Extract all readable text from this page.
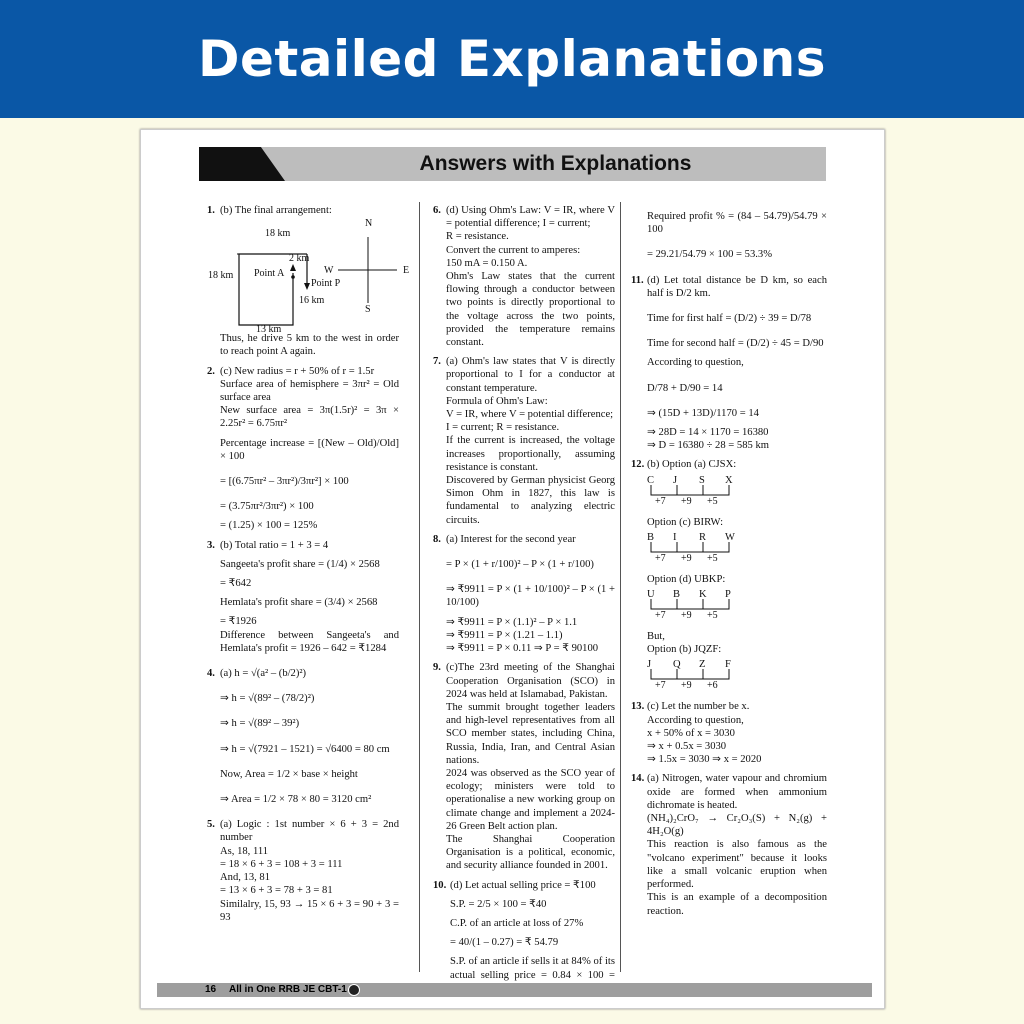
Detailed Explanations
Answers with Explanations
1. (b) The final arrangement:
18 km
18 km
13 km
16 km
2 km
Point A
Point P
N
S
W	E
Thus, he drive 5 km to the west in order to reach point A again.
2. (c) New radius = r + 50% of r = 1.5r
Surface area of hemisphere = 3πr² = Old surface area
New surface area = 3π(1.5r)² = 3π × 2.25r² = 6.75πr²
Percentage increase = [(New – Old)/Old] × 100
= [(6.75πr² – 3πr²)/3πr²] × 100
= (3.75πr²/3πr²) × 100
= (1.25) × 100 = 125%
3. (b) Total ratio = 1 + 3 = 4
Sangeeta's profit share = (1/4) × 2568
= ₹642
Hemlata's profit share = (3/4) × 2568
= ₹1926
Difference between Sangeeta's and Hemlata's profit = 1926 – 642 = ₹1284
4. (a) h = √(a² – (b/2)²)
⇒ h = √(89² – (78/2)²)
⇒ h = √(89² – 39²)
⇒ h = √(7921 – 1521) = √6400 = 80 cm
Now, Area = 1/2 × base × height
⇒ Area = 1/2 × 78 × 80 = 3120 cm²
5. (a) Logic : 1st number × 6 + 3 = 2nd number
As, 18, 111
= 18 × 6 + 3 = 108 + 3 = 111
And, 13, 81
= 13 × 6 + 3 = 78 + 3 = 81
Similalry, 15, 93 → 15 × 6 + 3 = 90 + 3 = 93
6. (d) Using Ohm's Law: V = IR, where V = potential difference; I = current;
R = resistance.
Convert the current to amperes:
150 mA = 0.150 A.
Ohm's Law states that the current flowing through a conductor between two points is directly proportional to the voltage across the two points, provided the temperature remains constant.
7. (a) Ohm's law states that V is directly proportional to I for a conductor at constant temperature.
Formula of Ohm's Law:
V = IR, where V = potential difference;
I = current; R = resistance.
If the current is increased, the voltage increases proportionally, assuming resistance is constant.
Discovered by German physicist Georg Simon Ohm in 1827, this law is fundamental to analyzing electric circuits.
8. (a) Interest for the second year
= P × (1 + r/100)² – P × (1 + r/100)
⇒ ₹9911 = P × (1 + 10/100)² – P × (1 + 10/100)
⇒ ₹9911 = P × (1.1)² – P × 1.1
⇒ ₹9911 = P × (1.21 – 1.1)
⇒ ₹9911 = P × 0.11 ⇒ P = ₹ 90100
9. (c)The 23rd meeting of the Shanghai Cooperation Organisation (SCO) in 2024 was held at Islamabad, Pakistan.
The summit brought together leaders and high-level representatives from all SCO member states, including China, Russia, India, Iran, and Central Asian nations.
2024 was observed as the SCO year of ecology; ministers were told to operationalise a new working group on climate change and implement a 2024-26 Green Belt action plan.
The Shanghai Cooperation Organisation is a political, economic, and security alliance founded in 2001.
10. (d) Let actual selling price = ₹100
S.P. = 2/5 × 100 = ₹40
C.P. of an article at loss of 27%
= 40/(1 – 0.27) = ₹ 54.79
S.P. of an article if sells it at 84% of its actual selling price = 0.84 × 100 =
Required profit % = (84 – 54.79)/54.79 × 100
= 29.21/54.79 × 100 = 53.3%
11. (d) Let total distance be D km, so each half is D/2 km.
Time for first half = (D/2) ÷ 39 = D/78
Time for second half = (D/2) ÷ 45 = D/90
According to question,
D/78 + D/90 = 14
⇒ (15D + 13D)/1170 = 14
⇒ 28D = 14 × 1170 = 16380
⇒ D = 16380 ÷ 28 = 585 km
12. (b) Option (a) CJSX:
C J S X
+7 +9 +5
Option (c) BIRW:
B I R W
+7 +9 +5
Option (d) UBKP:
U B K P
+7 +9 +5
But,
Option (b) JQZF:
J Q Z F
+7 +9 +6
13. (c) Let the number be x.
According to question,
x + 50% of x = 3030
⇒ x + 0.5x = 3030
⇒ 1.5x = 3030 ⇒ x = 2020
14. (a) Nitrogen, water vapour and chromium oxide are formed when ammonium dichromate is heated.
(NH₄)₂CrO₇ → Cr₂O₃(S) + N₂(g) + 4H₂O(g)
This reaction is also famous as the "volcano experiment" because it looks like a small volcanic eruption when performed.
This is an example of a decomposition reaction.
16 All in One RRB JE CBT-1
